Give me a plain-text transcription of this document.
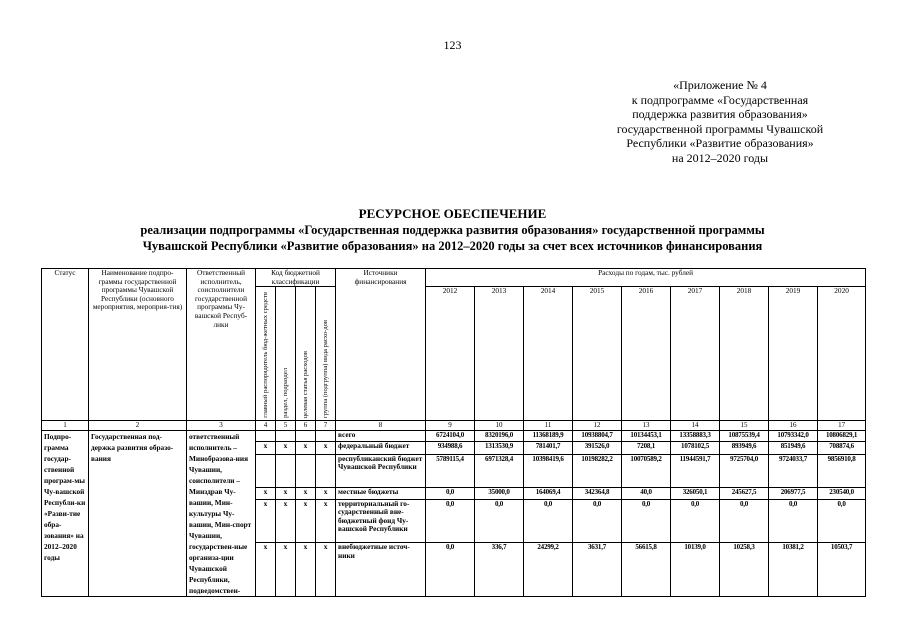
123
«Приложение № 4
к подпрограмме «Государственная
поддержка развития образования»
государственной программы Чувашской
Республики «Развитие образования»
на 2012–2020 годы
РЕСУРСНОЕ ОБЕСПЕЧЕНИЕ
реализации подпрограммы «Государственная поддержка развития образования» государственной программы
Чувашской Республики «Развитие образования» на 2012–2020 годы за счет всех источников финансирования
Статус	Наименование подпро-граммы государственной программы Чувашской Республики (основного мероприятия, мероприя-тия)	Ответственный исполнитель, соисполнители государственной программы Чу-вашской Респуб-лики	Код бюджетной классификации				Источники финансирования	Расходы по годам, тыс. рублей								

			главный распорядитель бюд-жетных средств	раздел, подраздел	целевая статья расходов	группа (подгруппа) вида расхо-дов		2012	2013	2014	2015	2016	2017	2018	2019	2020

1	2	3	4	5	6	7	8	9	10	11	12	13	14	15	16	17
Подпро-грамма государ-ственной програм-мы Чу-вашской Республи-ки «Разви-тие обра-зования» на 2012–2020 годы	Государственная под-держка развития образо-вания	ответственный исполнитель – Минобразова-ния Чувашии, соисполители – Минздрав Чу-вашии, Мин-культуры Чу-вашии, Мин-спорт Чувашии, государствен-ные организа-ции Чувашской Республики, подведомствен-					всего	6724104,0	8320196,0	11368189,9	10938804,7	10134453,1	13358883,3	10875539,4	10793342,0	10806829,1
			х	х	х	х	федеральный бюджет	934988,6	1313530,9	781401,7	391526,0	7208,1	1078102,5	893949,6	851949,6	708874,6
							республиканский бюджет Чувашской Республики	5789115,4	6971328,4	10398419,6	10198282,2	10070589,2	11944591,7	9725704,0	9724033,7	9856910,8
			х	х	х	х	местные бюджеты	0,0	35000,0	164069,4	342364,8	40,0	326050,1	245627,5	206977,5	230540,0
			х	х	х	х	территориальный го-сударственный вне-бюджетный фонд Чу-вашской Республики	0,0	0,0	0,0	0,0	0,0	0,0	0,0	0,0	0,0
			х	х	х	х	внебюджетные источ-ники	0,0	336,7	24299,2	3631,7	56615,8	10139,0	10258,3	10381,2	10503,7
